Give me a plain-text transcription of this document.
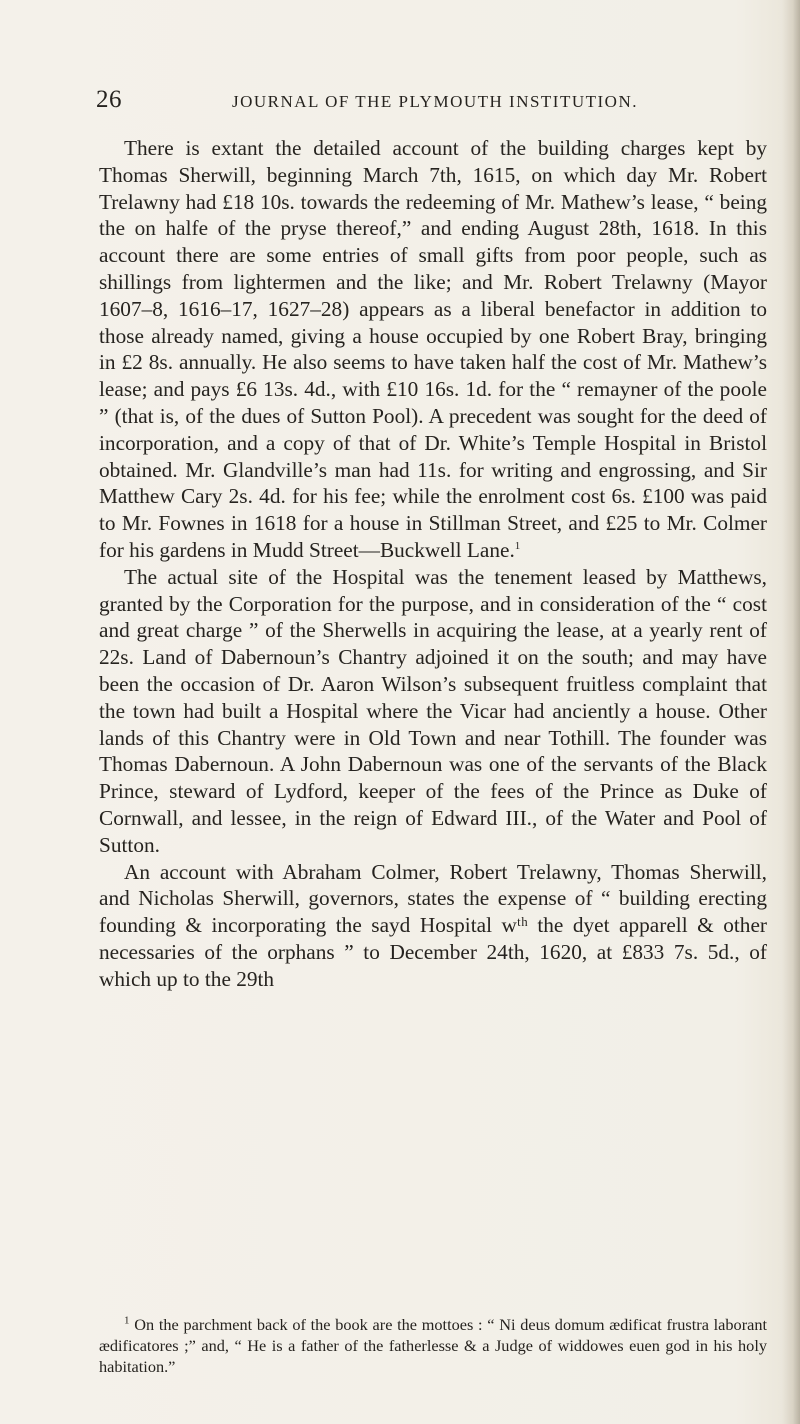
26	JOURNAL OF THE PLYMOUTH INSTITUTION.

There is extant the detailed account of the building charges kept by Thomas Sherwill, beginning March 7th, 1615, on which day Mr. Robert Trelawny had £18 10s. towards the redeeming of Mr. Mathew’s lease, “ being the on halfe of the pryse thereof,” and ending August 28th, 1618. In this account there are some entries of small gifts from poor people, such as shillings from lightermen and the like; and Mr. Robert Trelawny (Mayor 1607–8, 1616–17, 1627–28) appears as a liberal benefactor in addition to those already named, giving a house occupied by one Robert Bray, bringing in £2 8s. annually. He also seems to have taken half the cost of Mr. Mathew’s lease; and pays £6 13s. 4d., with £10 16s. 1d. for the “ remayner of the poole ” (that is, of the dues of Sutton Pool). A precedent was sought for the deed of incorporation, and a copy of that of Dr. White’s Temple Hospital in Bristol obtained. Mr. Glandville’s man had 11s. for writing and engrossing, and Sir Matthew Cary 2s. 4d. for his fee; while the enrolment cost 6s. £100 was paid to Mr. Fownes in 1618 for a house in Stillman Street, and £25 to Mr. Colmer for his gardens in Mudd Street—Buckwell Lane.$^1$

The actual site of the Hospital was the tenement leased by Matthews, granted by the Corporation for the purpose, and in consideration of the “ cost and great charge ” of the Sherwells in acquiring the lease, at a yearly rent of 22s. Land of Dabernoun’s Chantry adjoined it on the south; and may have been the occasion of Dr. Aaron Wilson’s subsequent fruitless complaint that the town had built a Hospital where the Vicar had anciently a house. Other lands of this Chantry were in Old Town and near Tothill. The founder was Thomas Dabernoun. A John Dabernoun was one of the servants of the Black Prince, steward of Lydford, keeper of the fees of the Prince as Duke of Cornwall, and lessee, in the reign of Edward III., of the Water and Pool of Sutton.

An account with Abraham Colmer, Robert Trelawny, Thomas Sherwill, and Nicholas Sherwill, governors, states the expense of “ building erecting founding & incorporating the sayd Hospital wᵗʰ the dyet apparell & other necessaries of the orphans ” to December 24th, 1620, at £833 7s. 5d., of which up to the 29th

$^1$ On the parchment back of the book are the mottoes : “ Ni deus domum ædificat frustra laborant ædificatores ;” and, “ He is a father of the fatherlesse & a Judge of widdowes euen god in his holy habitation.”
